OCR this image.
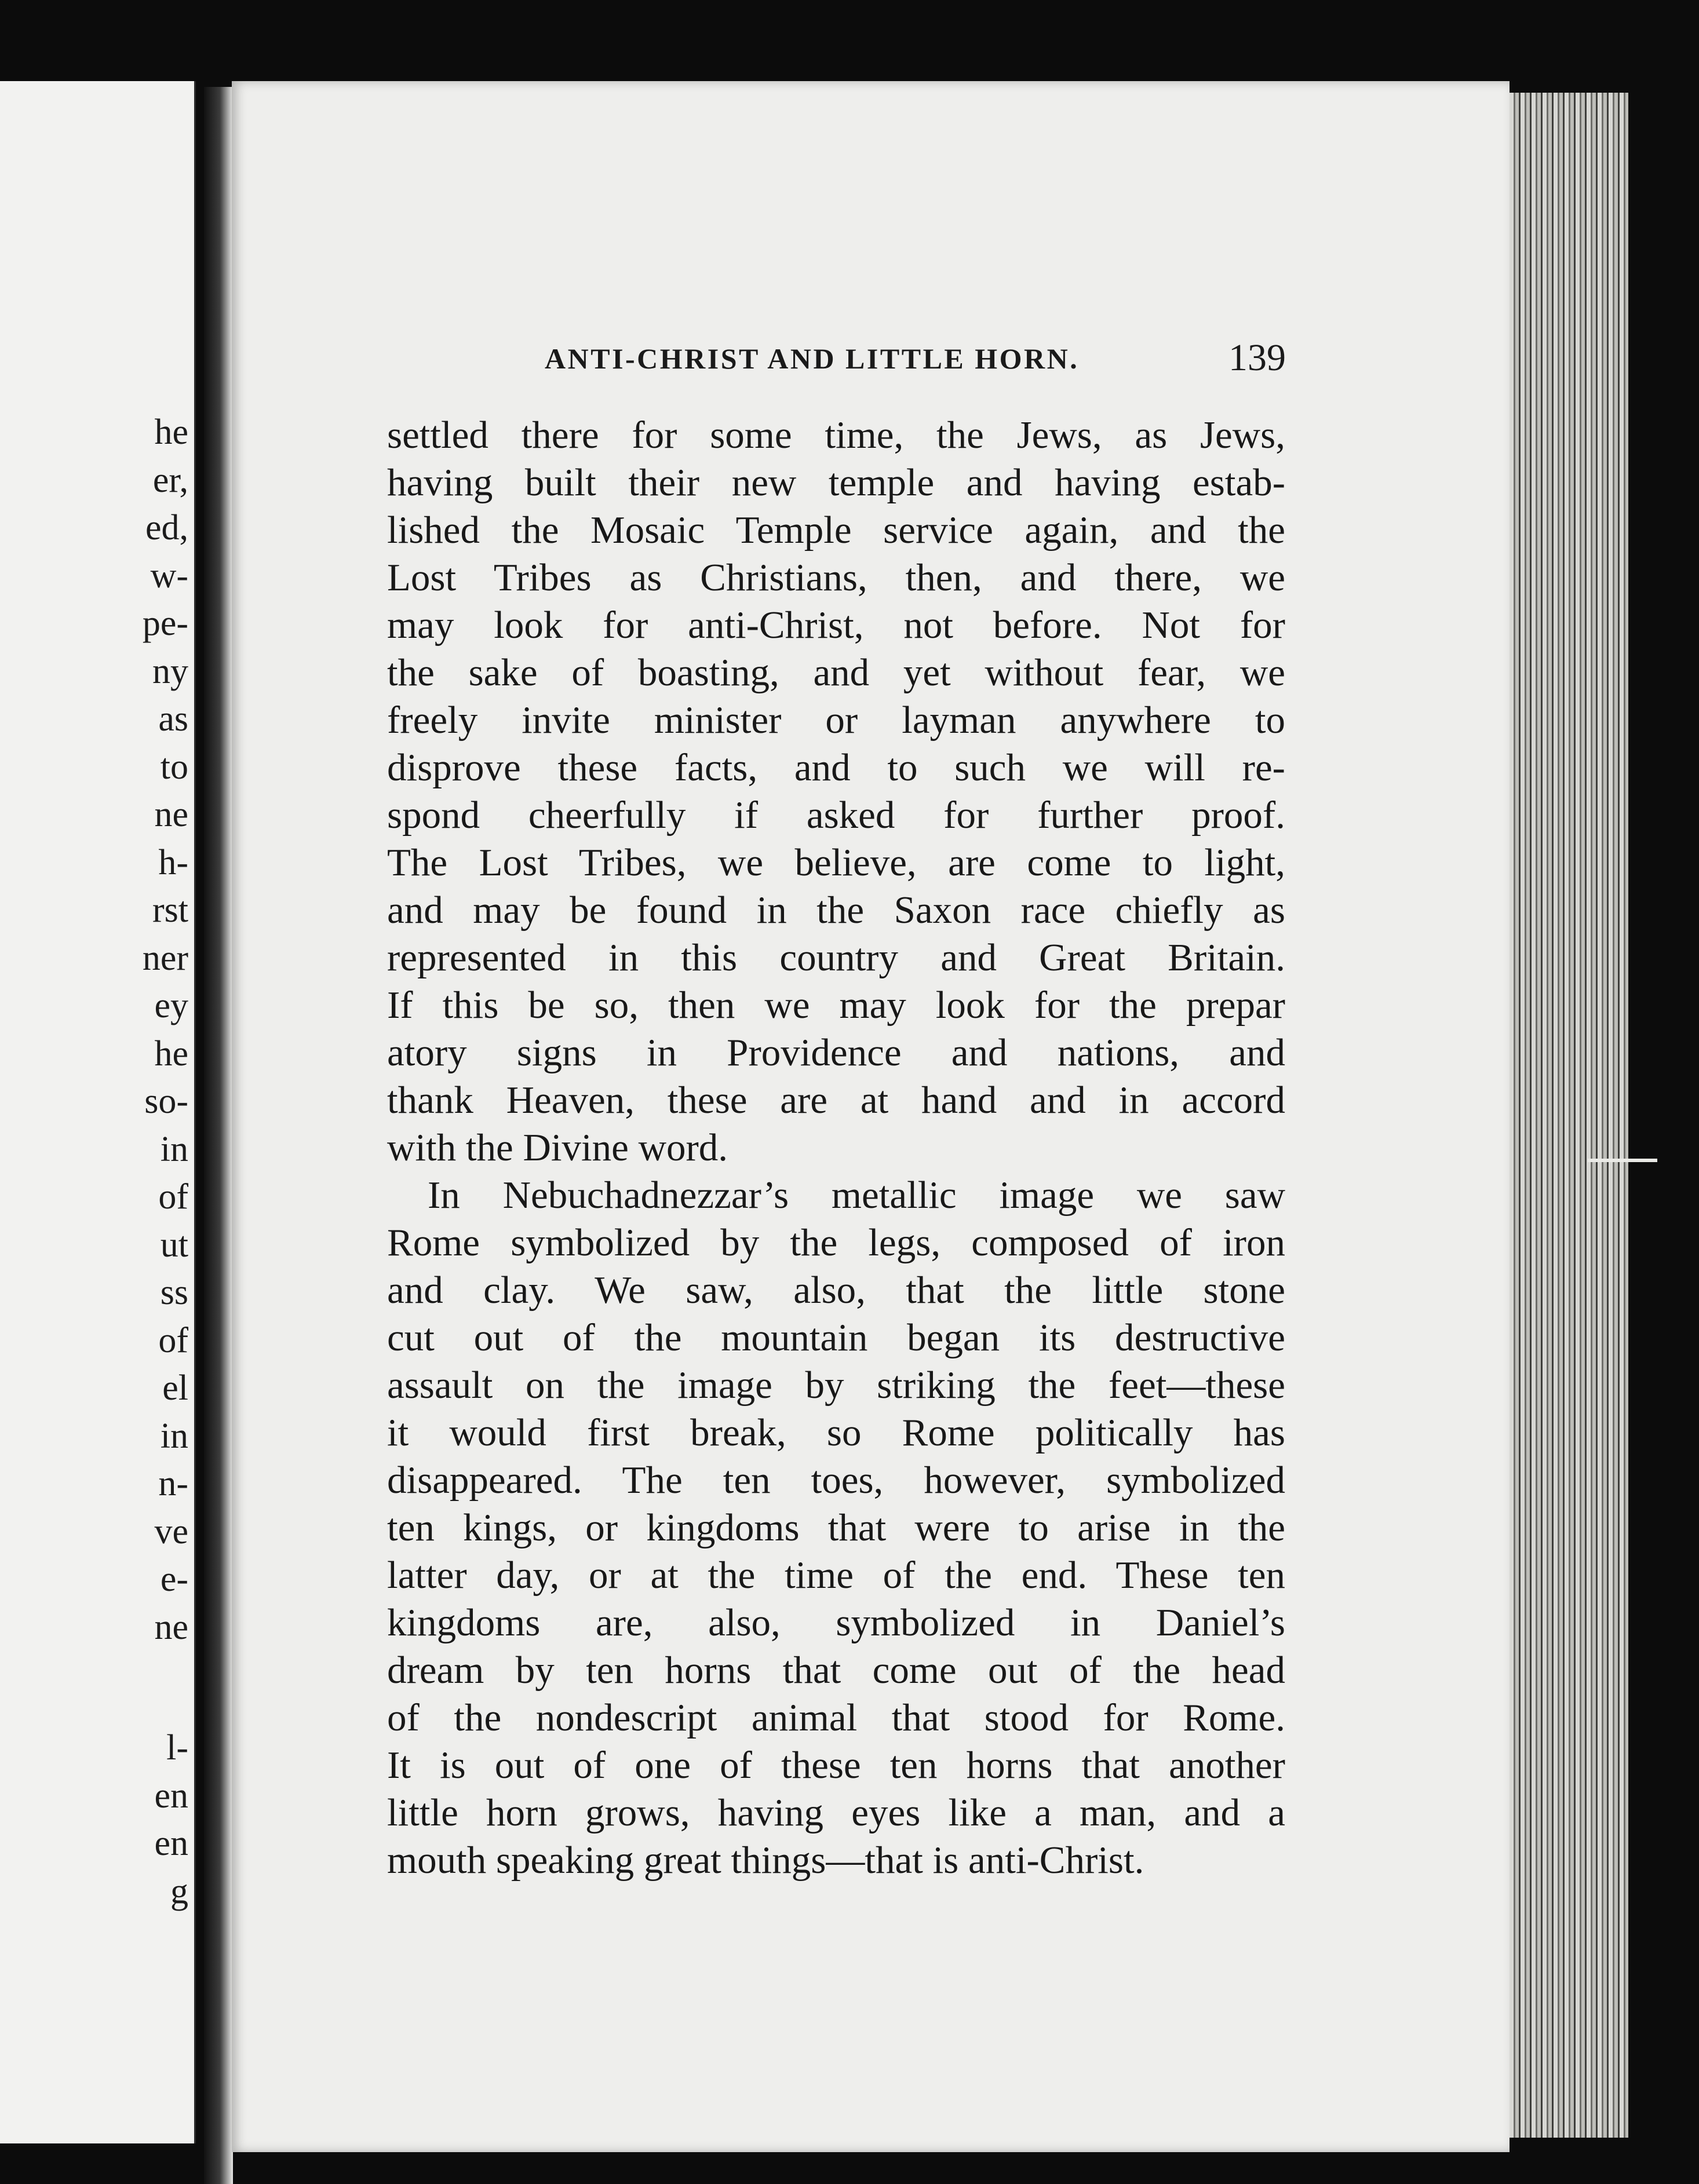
he
er,
ed,
w-
pe-
ny
as
to
ne
h-
rst
ner
ey
he
so-
in
of
ut
ss
of
el
in
n-
ve
e-
ne
l-
en
en
g
ANTI-CHRIST AND LITTLE HORN.	139
settled there for some time, the Jews, as Jews,
having built their new temple and having estab-
lished the Mosaic Temple service again, and the
Lost Tribes as Christians, then, and there, we
may look for anti-Christ, not before. Not for
the sake of boasting, and yet without fear, we
freely invite minister or layman anywhere to
disprove these facts, and to such we will re-
spond cheerfully if asked for further proof.
The Lost Tribes, we believe, are come to light,
and may be found in the Saxon race chiefly as
represented in this country and Great Britain.
If this be so, then we may look for the prepar
atory signs in Providence and nations, and
thank Heaven, these are at hand and in accord
with the Divine word.
In Nebuchadnezzar’s metallic image we saw
Rome symbolized by the legs, composed of iron
and clay. We saw, also, that the little stone
cut out of the mountain began its destructive
assault on the image by striking the feet—these
it would first break, so Rome politically has
disappeared. The ten toes, however, symbolized
ten kings, or kingdoms that were to arise in the
latter day, or at the time of the end. These ten
kingdoms are, also, symbolized in Daniel’s
dream by ten horns that come out of the head
of the nondescript animal that stood for Rome.
It is out of one of these ten horns that another
little horn grows, having eyes like a man, and a
mouth speaking great things—that is anti-Christ.
